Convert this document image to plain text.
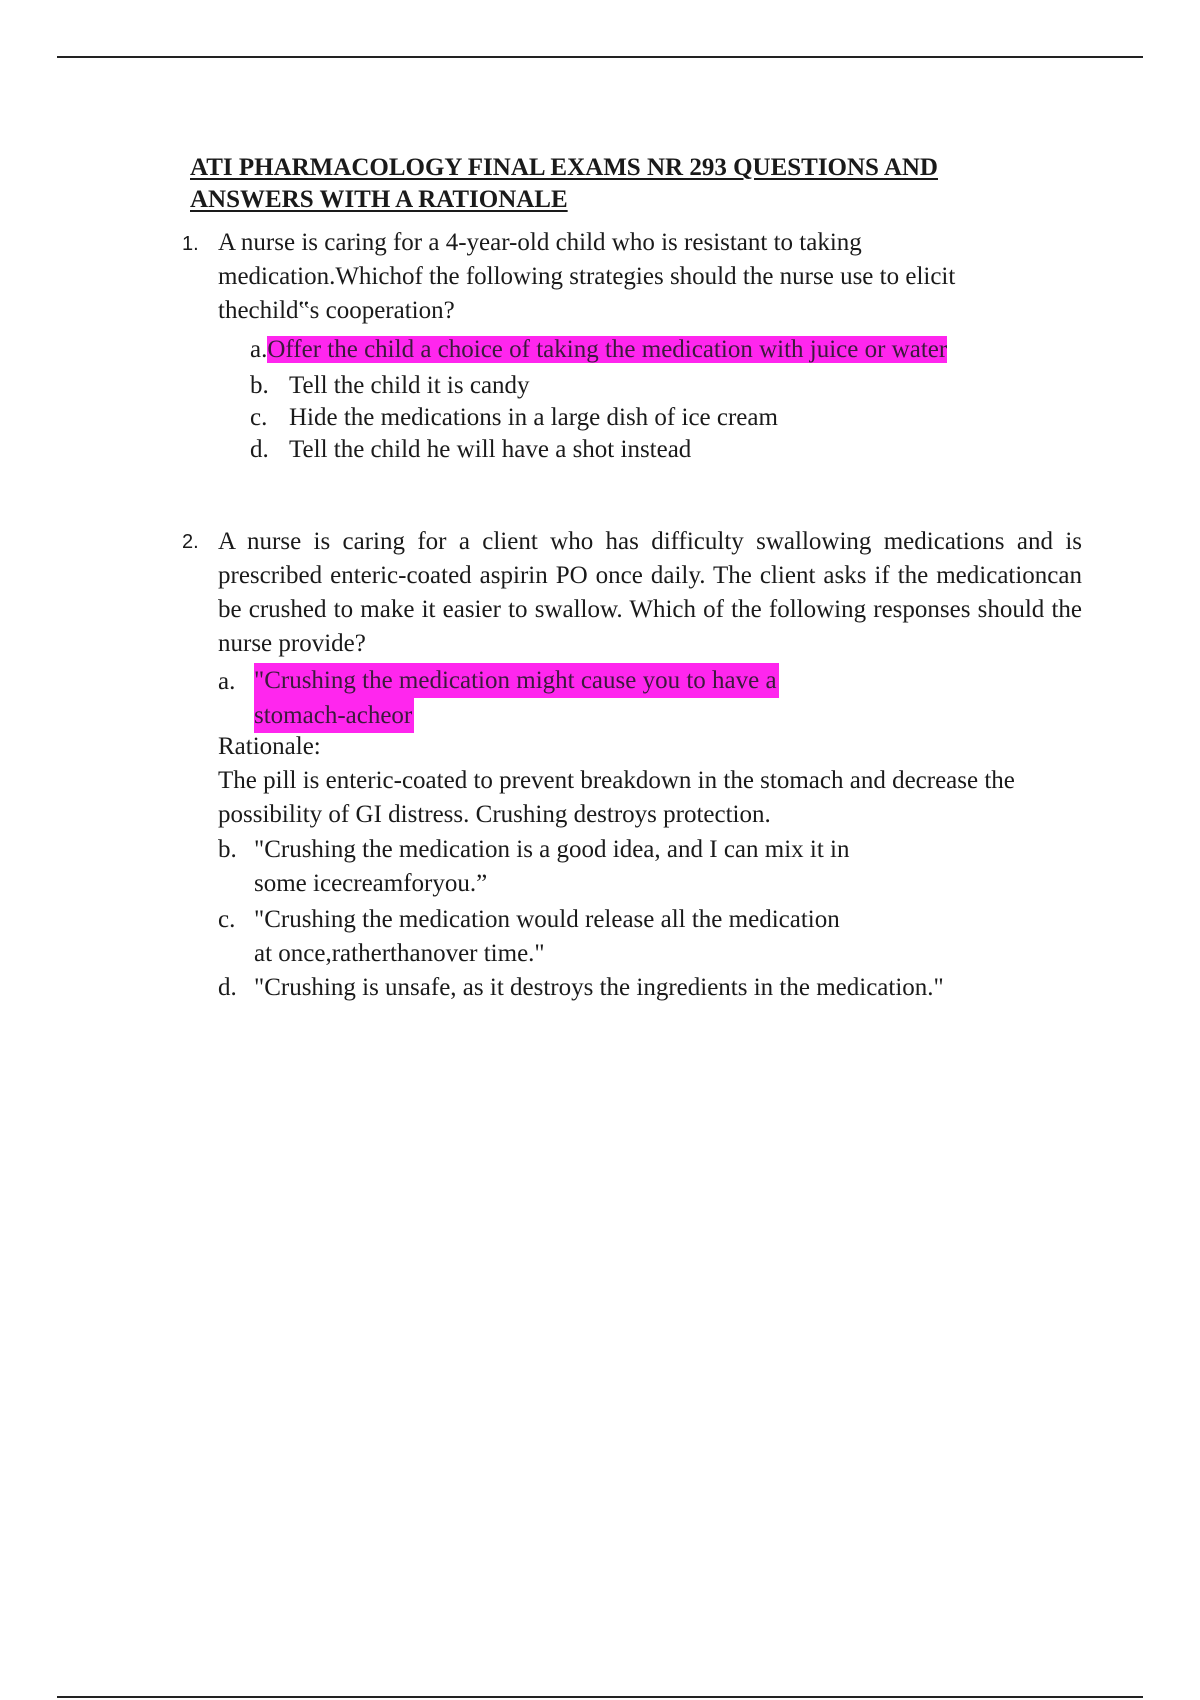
ATI PHARMACOLOGY FINAL EXAMS NR 293 QUESTIONS AND
ANSWERS WITH A RATIONALE
1. A nurse is caring for a 4-year-old child who is resistant to taking medication.Whichof the following strategies should the nurse use to elicit thechild‟s cooperation?

a.Offer the child a choice of taking the medication with juice or water
b. Tell the child it is candy
c. Hide the medications in a large dish of ice cream
d. Tell the child he will have a shot instead
2. A nurse is caring for a client who has difficulty swallowing medications and is prescribed enteric-coated aspirin PO once daily. The client asks if the medicationcan be crushed to make it easier to swallow. Which of the following responses should the nurse provide?

a. "Crushing the medication might cause you to have a
stomach-acheor
Rationale:

The pill is enteric-coated to prevent breakdown in the stomach and decrease the possibility of GI distress. Crushing destroys protection.

b. "Crushing the medication is a good idea, and I can mix it in
some icecreamforyou.”
c. "Crushing the medication would release all the medication
at once,ratherthanover time."
d. "Crushing is unsafe, as it destroys the ingredients in the medication."
